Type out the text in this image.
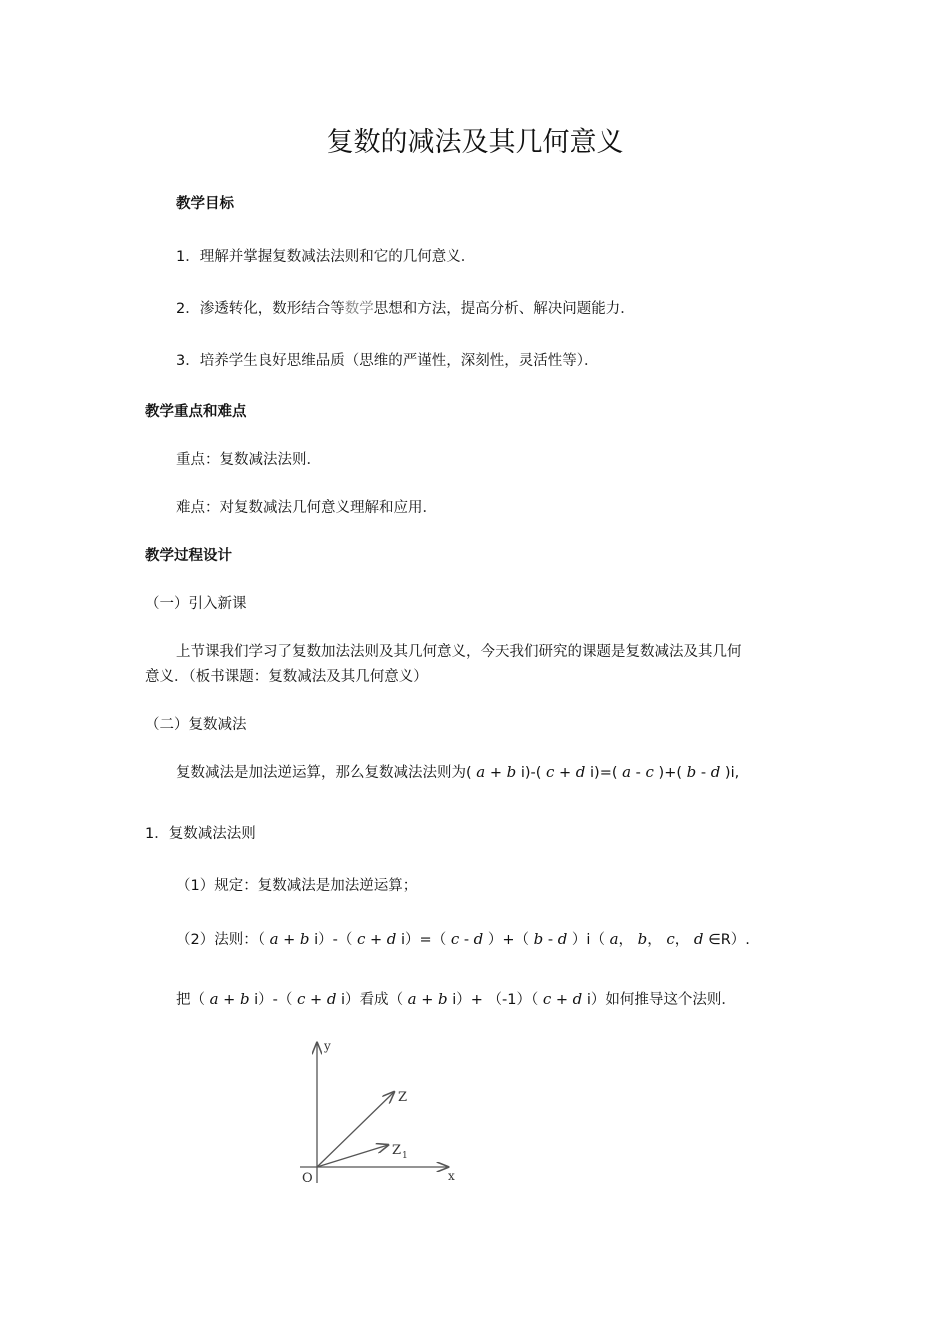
复数的减法及其几何意义
教学目标
1．理解并掌握复数减法法则和它的几何意义．
2．渗透转化，数形结合等数学思想和方法，提高分析、解决问题能力．
3．培养学生良好思维品质（思维的严谨性，深刻性，灵活性等）．
教学重点和难点
重点：复数减法法则．
难点：对复数减法几何意义理解和应用．
教学过程设计
（一）引入新课
上节课我们学习了复数加法法则及其几何意义，今天我们研究的课题是复数减法及其几何
意义．（板书课题：复数减法及其几何意义）
（二）复数减法
复数减法是加法逆运算，那么复数减法法则为( a + b i)-( c + d i)=( a - c )+( b - d )i,
1．复数减法法则
（1）规定：复数减法是加法逆运算；
（2）法则：（ a + b i）-（ c + d i）=（ c - d ）+（ b - d ）i（ a， b， c， d ∈R）.
把（ a + b i）-（ c + d i）看成（ a + b i）+ （-1）（ c + d i）如何推导这个法则．
y
x
O
Z
Z 1
